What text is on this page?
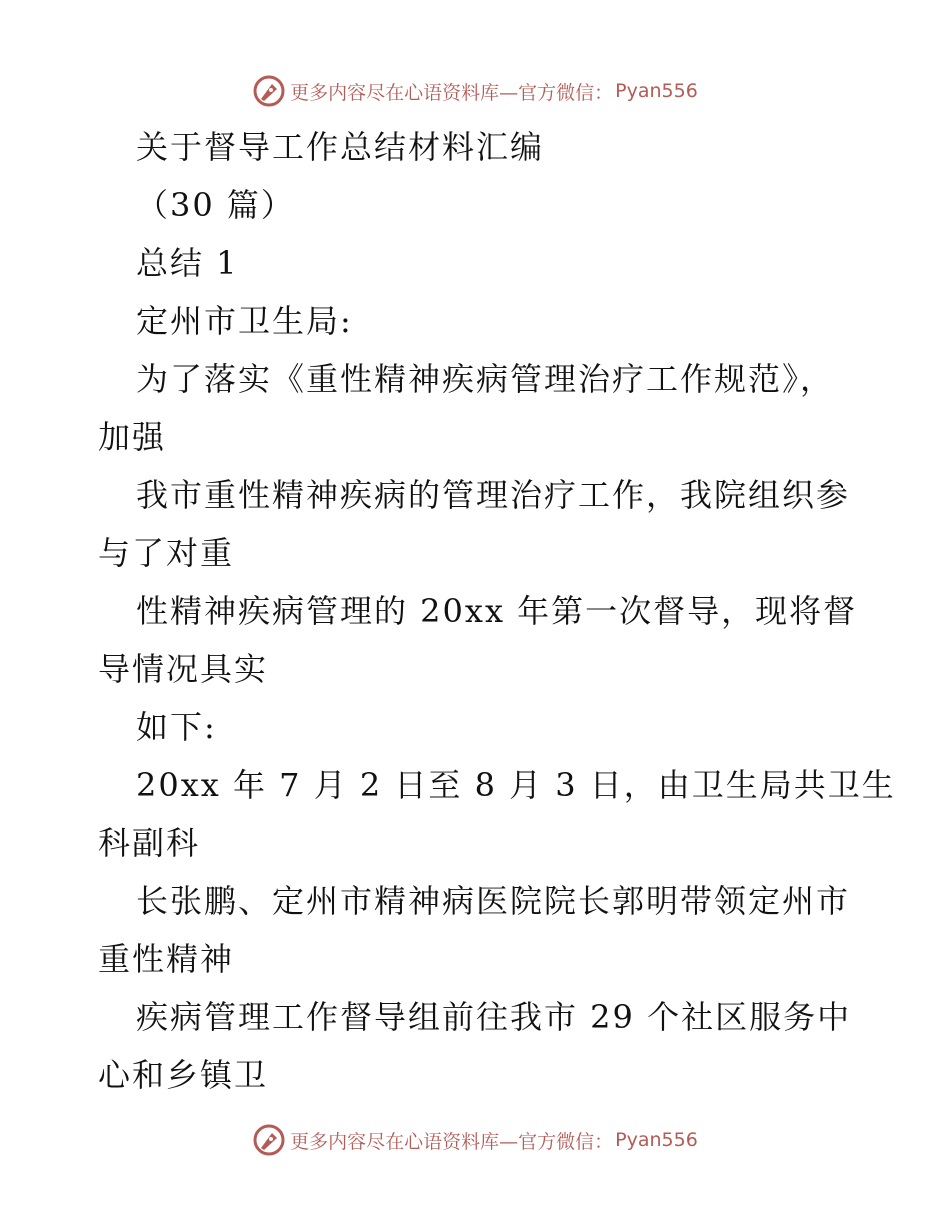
更多内容尽在心语资料库—官方微信： Pyan556
关于督导工作总结材料汇编
（30 篇）
总结 1
定州市卫生局:
为了落实《重性精神疾病管理治疗工作规范》，
加强
我市重性精神疾病的管理治疗工作，我院组织参
与了对重
性精神疾病管理的 20xx 年第一次督导，现将督
导情况具实
如下:
20xx 年 7 月 2 日至 8 月 3 日，由卫生局共卫生
科副科
长张鹏、定州市精神病医院院长郭明带领定州市
重性精神
疾病管理工作督导组前往我市 29 个社区服务中
心和乡镇卫
更多内容尽在心语资料库—官方微信： Pyan556
